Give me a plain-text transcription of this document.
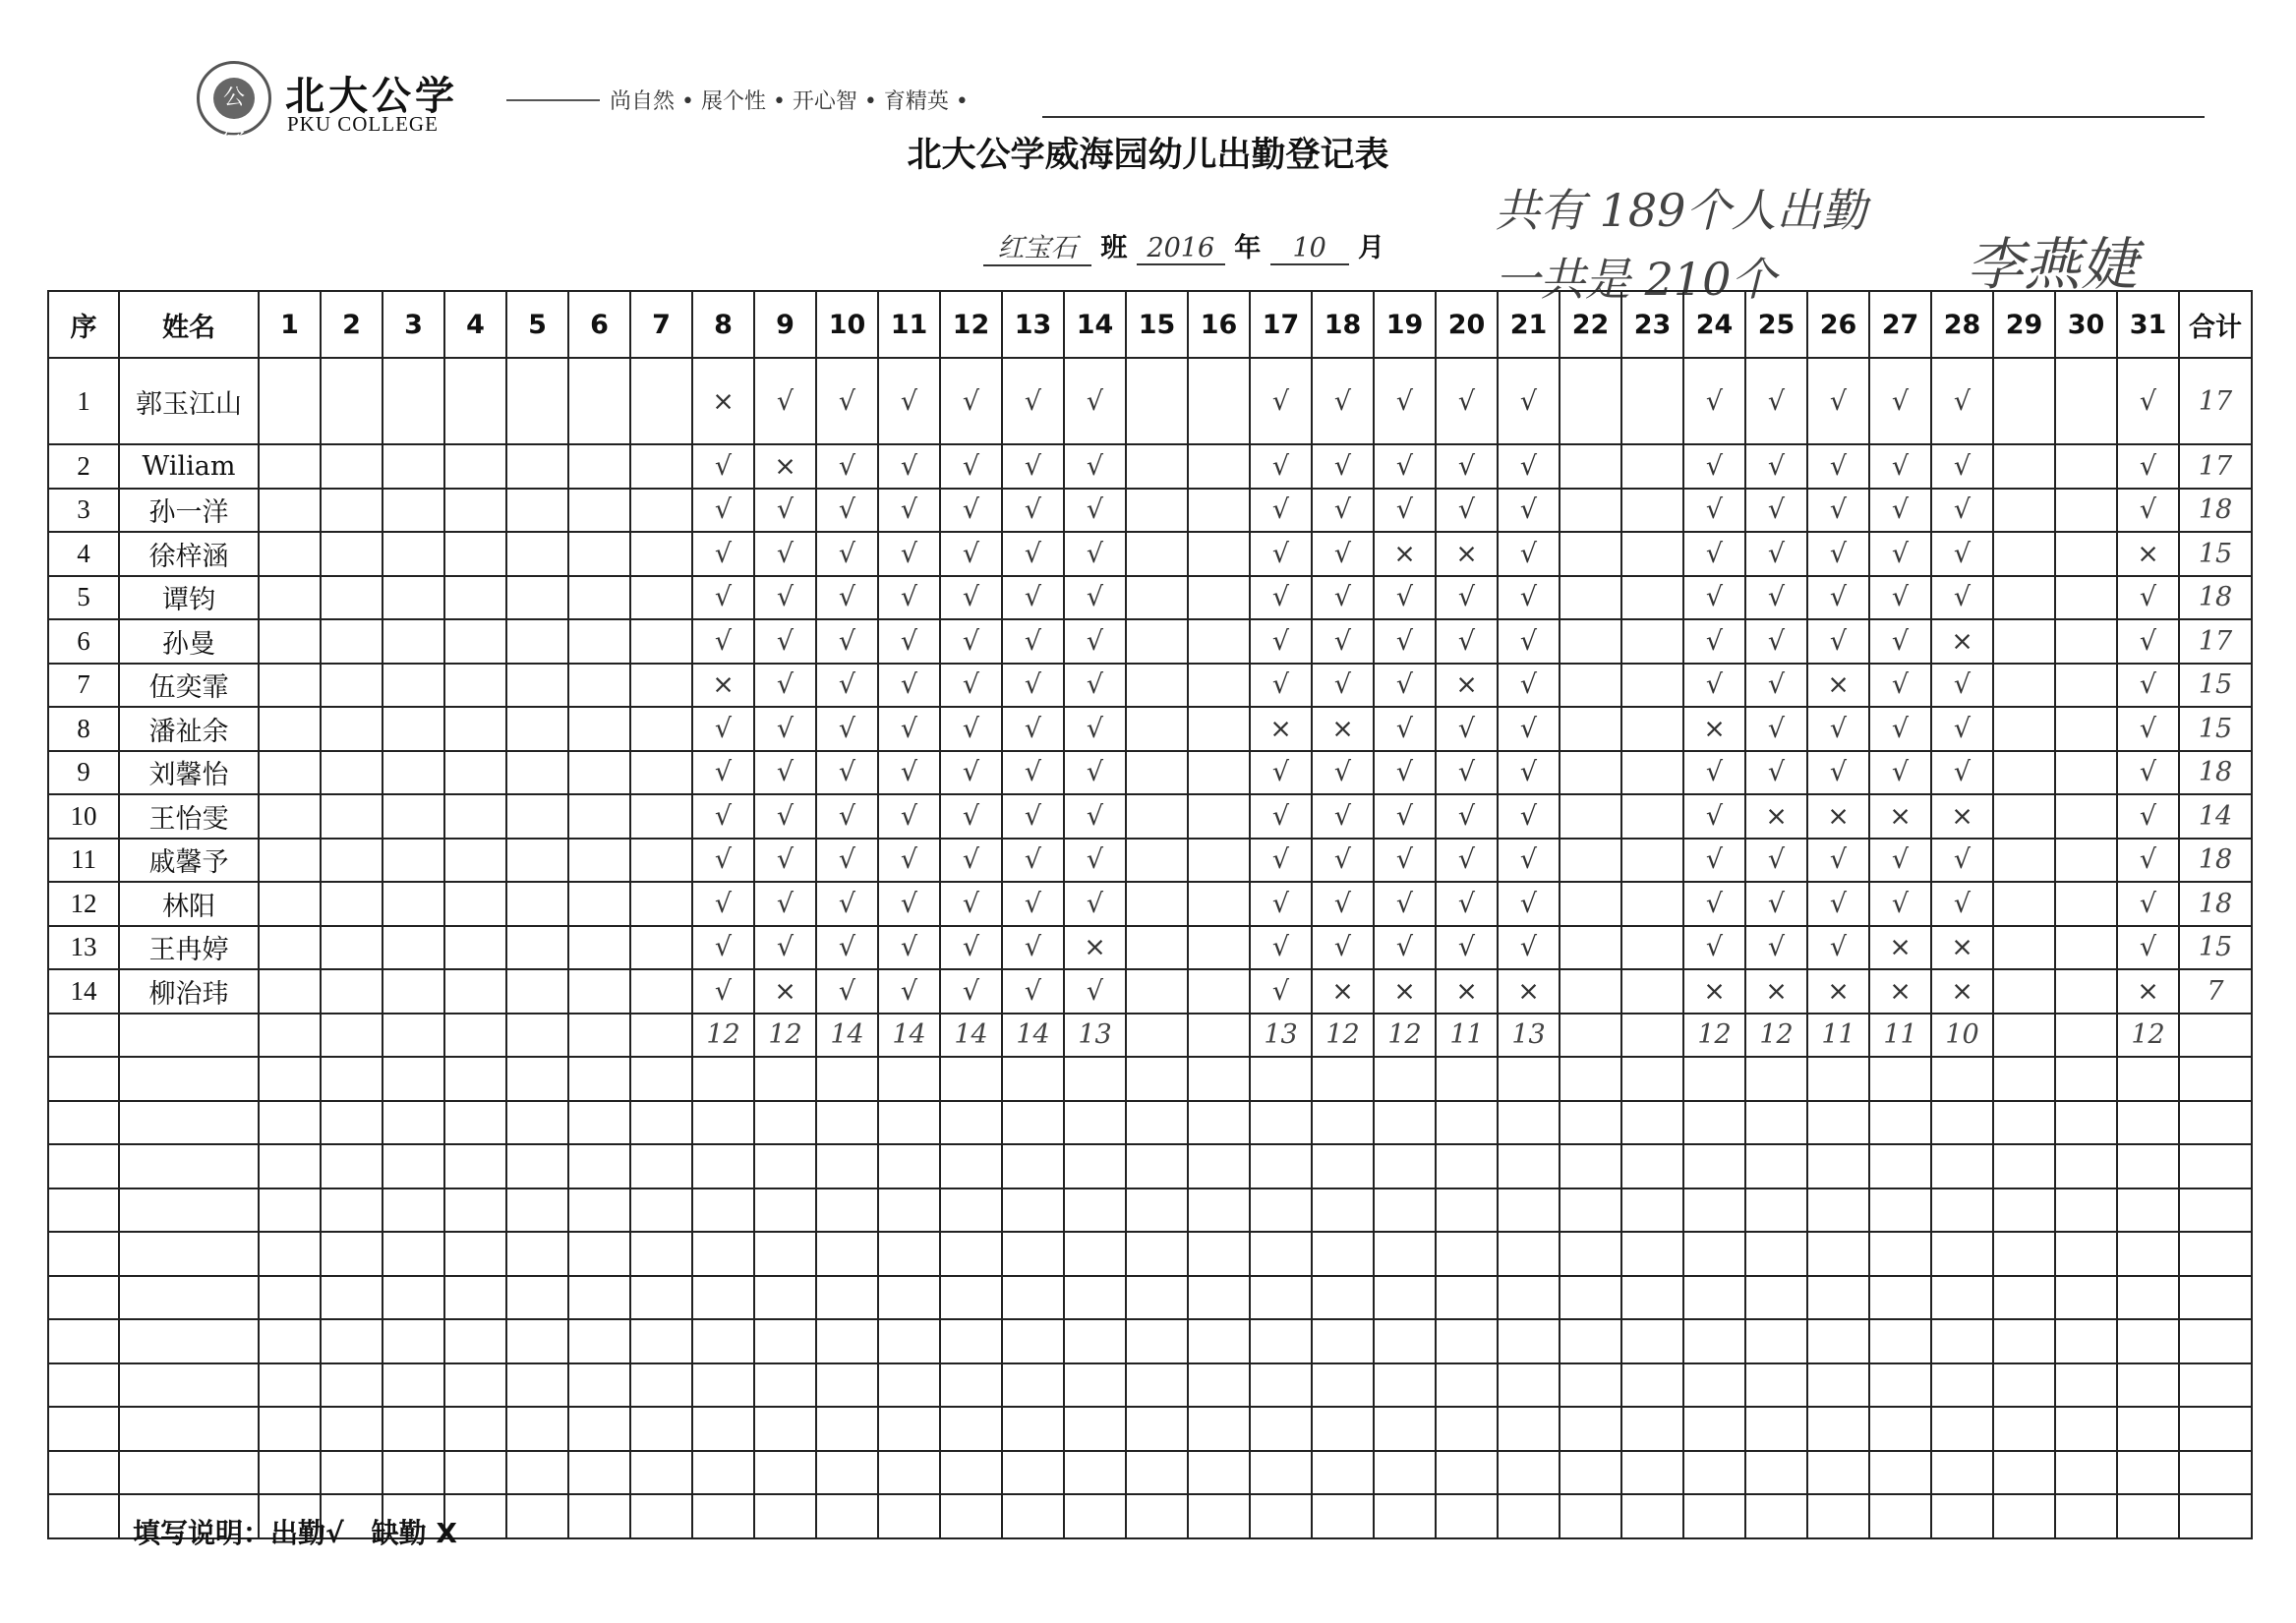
公学
北大公学
PKU COLLEGE
尚自然 • 展个性 • 开心智 • 育精英 •
北大公学威海园幼儿出勤登记表
红宝石 班 2016 年 10 月
共有 189个人出勤
一共是 210个	李燕婕
序	姓名	1	2	3	4	5	6	7	8	9	10	11	12	13	14	15	16	17	18	19	20	21	22	23	24	25	26	27	28	29	30	31	合计
1	郭玉江山								×	√	√	√	√	√	√			√	√	√	√	√			√	√	√	√	√			√	17
2	Wiliam								√	×	√	√	√	√	√			√	√	√	√	√			√	√	√	√	√			√	17
3	孙一洋								√	√	√	√	√	√	√			√	√	√	√	√			√	√	√	√	√			√	18
4	徐梓涵								√	√	√	√	√	√	√			√	√	×	×	√			√	√	√	√	√			×	15
5	谭钧								√	√	√	√	√	√	√			√	√	√	√	√			√	√	√	√	√			√	18
6	孙曼								√	√	√	√	√	√	√			√	√	√	√	√			√	√	√	√	×			√	17
7	伍奕霏								×	√	√	√	√	√	√			√	√	√	×	√			√	√	×	√	√			√	15
8	潘祉余								√	√	√	√	√	√	√			×	×	√	√	√			×	√	√	√	√			√	15
9	刘馨怡								√	√	√	√	√	√	√			√	√	√	√	√			√	√	√	√	√			√	18
10	王怡雯								√	√	√	√	√	√	√			√	√	√	√	√			√	×	×	×	×			√	14
11	戚馨予								√	√	√	√	√	√	√			√	√	√	√	√			√	√	√	√	√			√	18
12	林阳								√	√	√	√	√	√	√			√	√	√	√	√			√	√	√	√	√			√	18
13	王冉婷								√	√	√	√	√	√	×			√	√	√	√	√			√	√	√	×	×			√	15
14	柳治玮								√	×	√	√	√	√	√			√	×	×	×	×			×	×	×	×	×			×	7
									12	12	14	14	14	14	13			13	12	12	11	13			12	12	11	11	10			12	

填写说明：出勤√　缺勤 X
